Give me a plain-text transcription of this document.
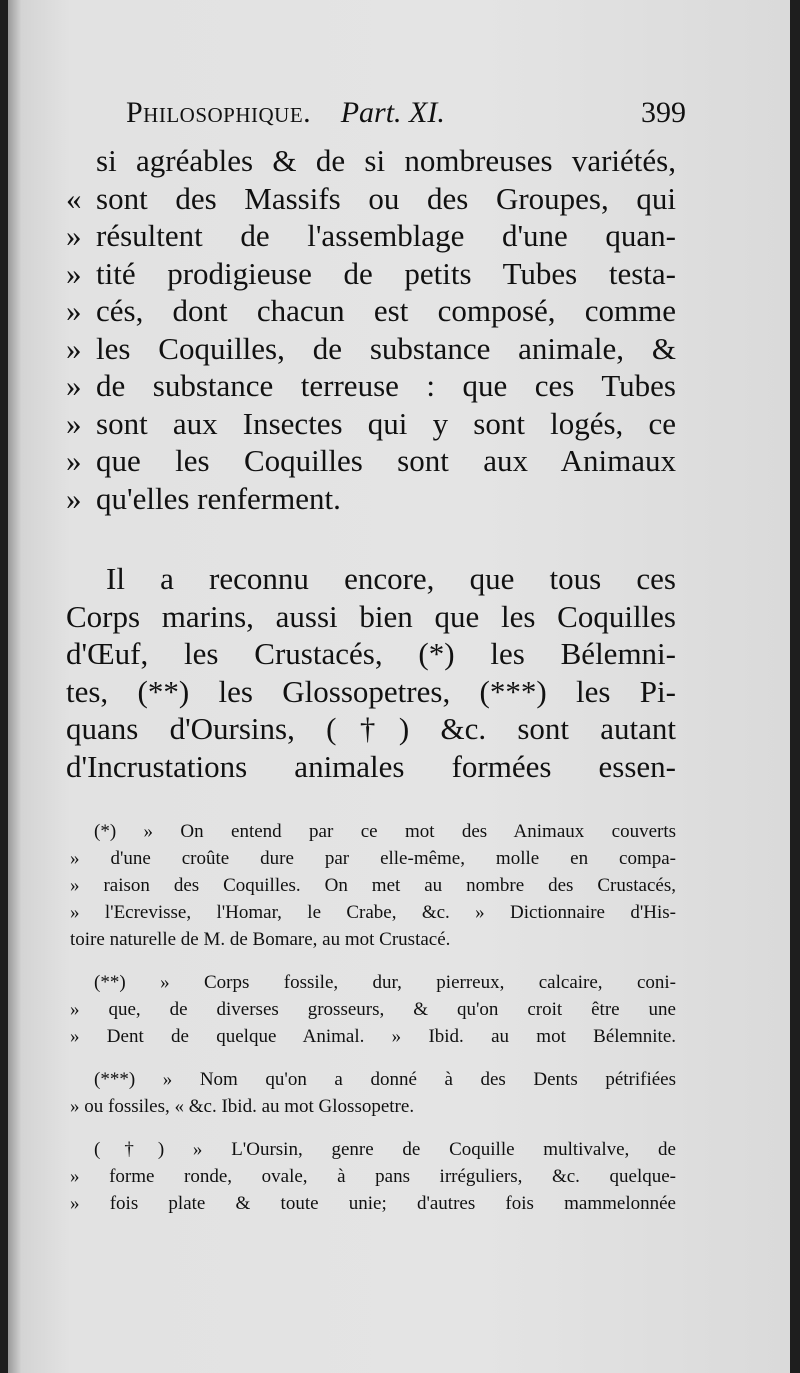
Philosophique. Part. XI.	399
si agréables & de si nombreuses variétés,
« sont des Massifs ou des Groupes, qui
» résultent de l'assemblage d'une quan-
» tité prodigieuse de petits Tubes testa-
» cés, dont chacun est composé, comme
» les Coquilles, de substance animale, &
» de substance terreuse : que ces Tubes
» sont aux Insectes qui y sont logés, ce
» que les Coquilles sont aux Animaux
» qu'elles renferment.
Il a reconnu encore, que tous ces
Corps marins, aussi bien que les Coquilles
d'Œuf, les Crustacés, (*) les Bélemni-
tes, (**) les Glossopetres, (***) les Pi-
quans d'Oursins, (†) &c. sont autant
d'Incrustations animales formées essen-
(*) » On entend par ce mot des Animaux couverts
» d'une croûte dure par elle-même, molle en compa-
» raison des Coquilles. On met au nombre des Crustacés,
» l'Ecrevisse, l'Homar, le Crabe, &c. » Dictionnaire d'His-
toire naturelle de M. de Bomare, au mot Crustacé.
(**) » Corps fossile, dur, pierreux, calcaire, coni-
» que, de diverses grosseurs, & qu'on croit être une
» Dent de quelque Animal. » Ibid. au mot Bélemnite.
(***) » Nom qu'on a donné à des Dents pétrifiées
» ou fossiles, « &c. Ibid. au mot Glossopetre.
(†) » L'Oursin, genre de Coquille multivalve, de
» forme ronde, ovale, à pans irréguliers, &c. quelque-
» fois plate & toute unie; d'autres fois mammelonnée
